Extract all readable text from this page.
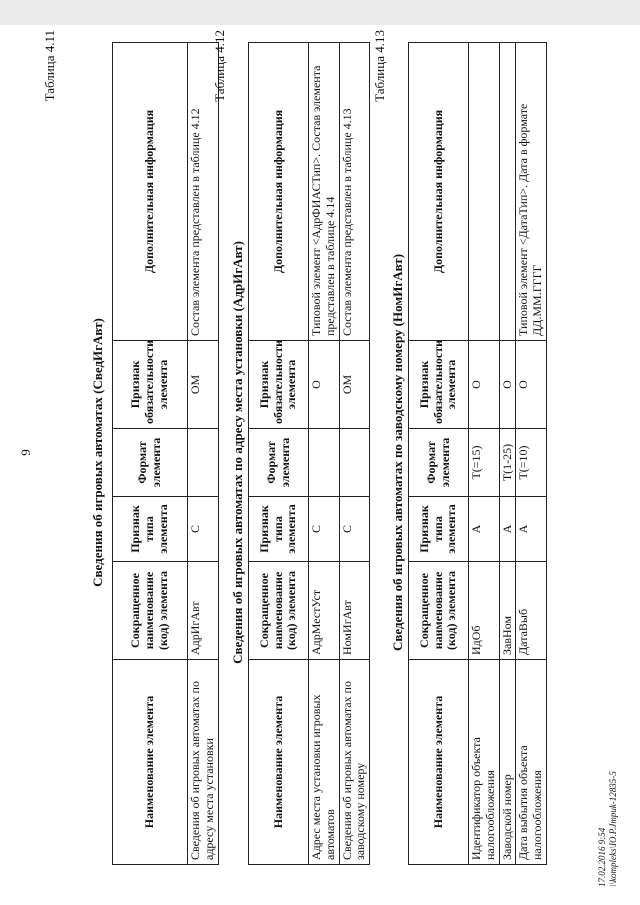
9
Таблица 4.11
Сведения об игровых автоматах (СведИгАвт)
Наименование элемента	Сокращенное наименование (код) элемента	Признак типа элемента	Формат элемента	Признак обязательности элемента	Дополнительная информация
Сведения об игровых автоматах по адресу места установки	АдрИгАвт	С		ОМ	Состав элемента представлен в таблице 4.12
Таблица 4.12
Сведения об игровых автоматах по адресу места установки (АдрИгАвт)
Наименование элемента	Сокращенное наименование (код) элемента	Признак типа элемента	Формат элемента	Признак обязательности элемента	Дополнительная информация
Адрес места установки игровых автоматов	АдрМестУст	С		О	Типовой элемент <АдрФИАСТип>. Состав элемента представлен в таблице 4.14
Сведения об игровых автоматах по заводскому номеру	НомИгАвт	С		ОМ	Состав элемента представлен в таблице 4.13
Таблица 4.13
Сведения об игровых автоматах по заводскому номеру (НомИгАвт)
Наименование элемента	Сокращенное наименование (код) элемента	Признак типа элемента	Формат элемента	Признак обязательности элемента	Дополнительная информация
Идентификатор объекта налогообложения	ИдОб	А	Т(=15)	О	
Заводской номер	ЗавНом	А	Т(1-25)	О	
Дата выбытия объекта налогообложения	ДатаВыб	А	Т(=10)	О	Типовой элемент <ДатаТип>. Дата в формате ДД.ММ.ГГГГ
17.02.2016 9:54 \\kompleks\IO.P.Jmpuk-12835-5
